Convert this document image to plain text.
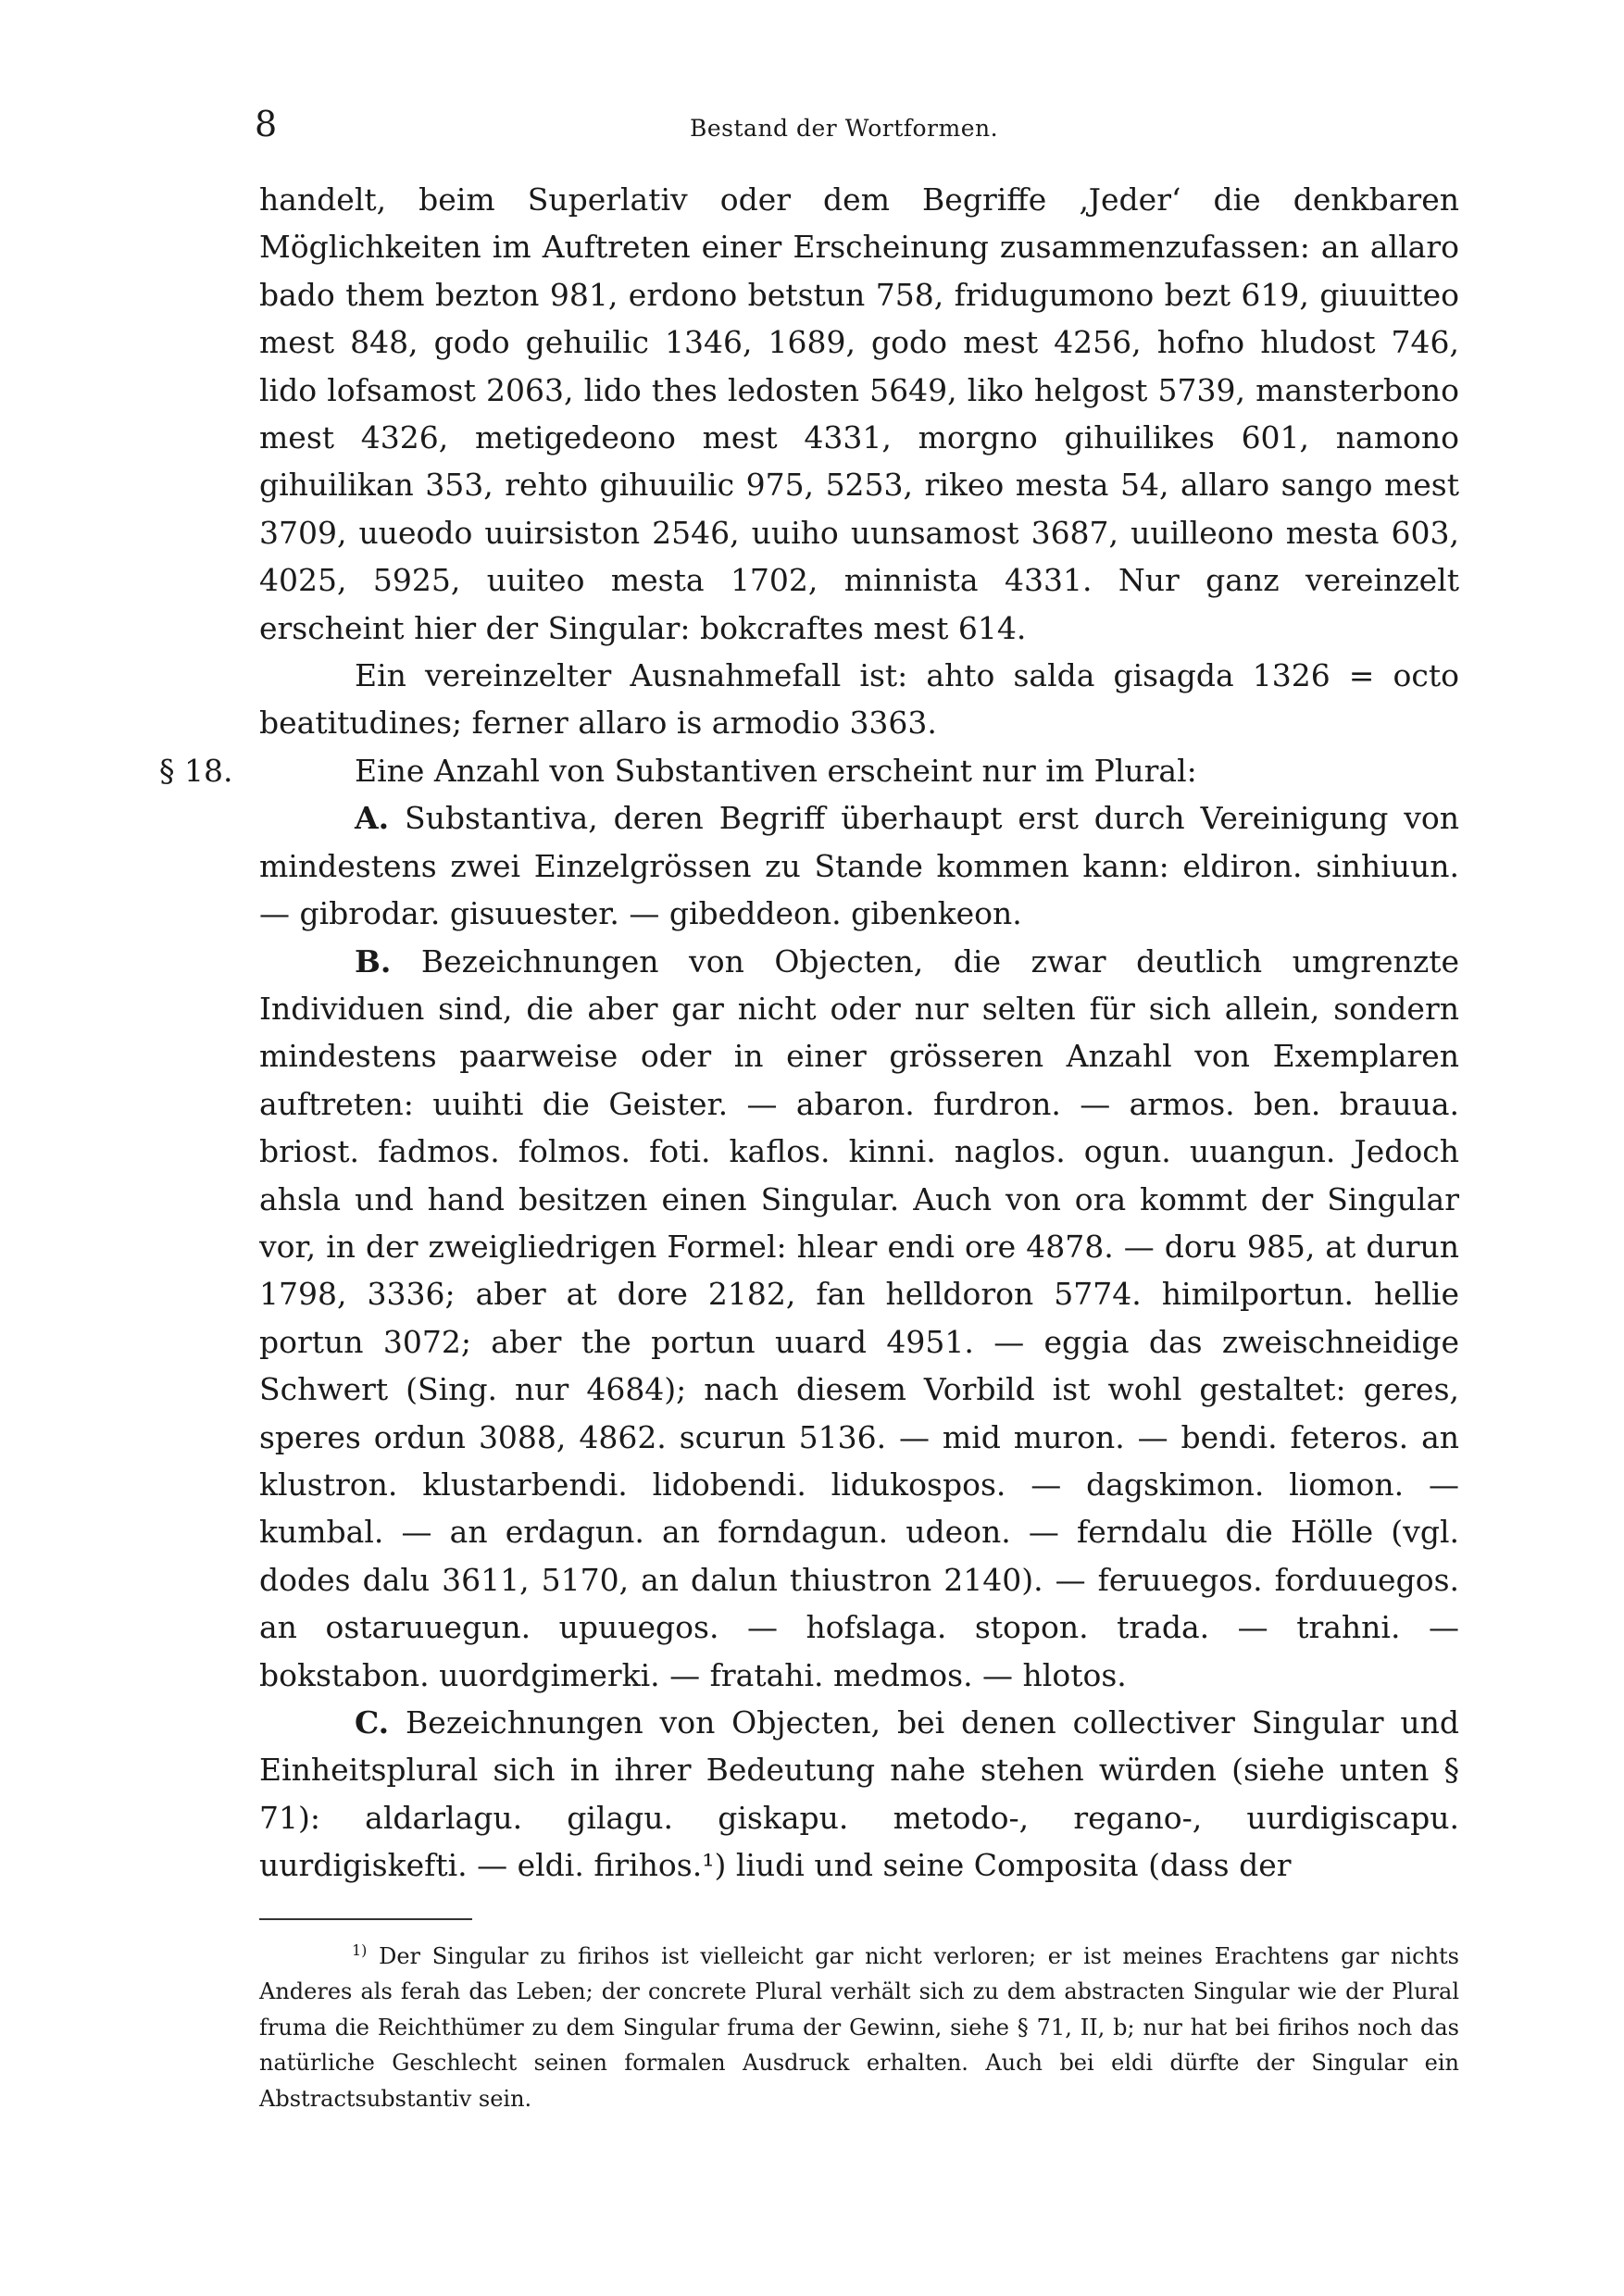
8	Bestand der Wortformen.

handelt, beim Superlativ oder dem Begriffe ‚Jeder‘ die denkbaren Möglichkeiten im Auftreten einer Erscheinung zusammenzufassen: an allaro bado them bezton 981, erdono betstun 758, fridugumono bezt 619, giuuitteo mest 848, godo gehuilic 1346, 1689, godo mest 4256, hofno hludost 746, lido lofsamost 2063, lido thes ledosten 5649, liko helgost 5739, mansterbono mest 4326, metigedeono mest 4331, morgno gihuilikes 601, namono gihuilikan 353, rehto gihuuilic 975, 5253, rikeo mesta 54, allaro sango mest 3709, uueodo uuirsiston 2546, uuiho uunsamost 3687, uuilleono mesta 603, 4025, 5925, uuiteo mesta 1702, minnista 4331. Nur ganz vereinzelt erscheint hier der Singular: bokcraftes mest 614.

Ein vereinzelter Ausnahmefall ist: ahto salda gisagda 1326 = octo beatitudines; ferner allaro is armodio 3363.

§ 18.	Eine Anzahl von Substantiven erscheint nur im Plural:

A. Substantiva, deren Begriff überhaupt erst durch Vereinigung von mindestens zwei Einzelgrössen zu Stande kommen kann: eldiron. sinhiuun. — gibrodar. gisuuester. — gibeddeon. gibenkeon.

B. Bezeichnungen von Objecten, die zwar deutlich umgrenzte Individuen sind, die aber gar nicht oder nur selten für sich allein, sondern mindestens paarweise oder in einer grösseren Anzahl von Exemplaren auftreten: uuihti die Geister. — abaron. furdron. — armos. ben. brauua. briost. fadmos. folmos. foti. kaflos. kinni. naglos. ogun. uuangun. Jedoch ahsla und hand besitzen einen Singular. Auch von ora kommt der Singular vor, in der zweigliedrigen Formel: hlear endi ore 4878. — doru 985, at durun 1798, 3336; aber at dore 2182, fan helldoron 5774. himilportun. hellie portun 3072; aber the portun uuard 4951. — eggia das zweischneidige Schwert (Sing. nur 4684); nach diesem Vorbild ist wohl gestaltet: geres, speres ordun 3088, 4862. scurun 5136. — mid muron. — bendi. feteros. an klustron. klustarbendi. lidobendi. lidukospos. — dagskimon. liomon. — kumbal. — an erdagun. an forndagun. udeon. — ferndalu die Hölle (vgl. dodes dalu 3611, 5170, an dalun thiustron 2140). — feruuegos. forduuegos. an ostaruuegun. upuuegos. — hofslaga. stopon. trada. — trahni. — bokstabon. uuordgimerki. — fratahi. medmos. — hlotos.

C. Bezeichnungen von Objecten, bei denen collectiver Singular und Einheitsplural sich in ihrer Bedeutung nahe stehen würden (siehe unten § 71): aldarlagu. gilagu. giskapu. metodo-, regano-, uurdigiscapu. uurdigiskefti. — eldi. firihos.¹) liudi und seine Composita (dass der

$^{1)}$ Der Singular zu firihos ist vielleicht gar nicht verloren; er ist meines Erachtens gar nichts Anderes als ferah das Leben; der concrete Plural verhält sich zu dem abstracten Singular wie der Plural fruma die Reichthümer zu dem Singular fruma der Gewinn, siehe § 71, II, b; nur hat bei firihos noch das natürliche Geschlecht seinen formalen Ausdruck erhalten. Auch bei eldi dürfte der Singular ein Abstractsubstantiv sein.
